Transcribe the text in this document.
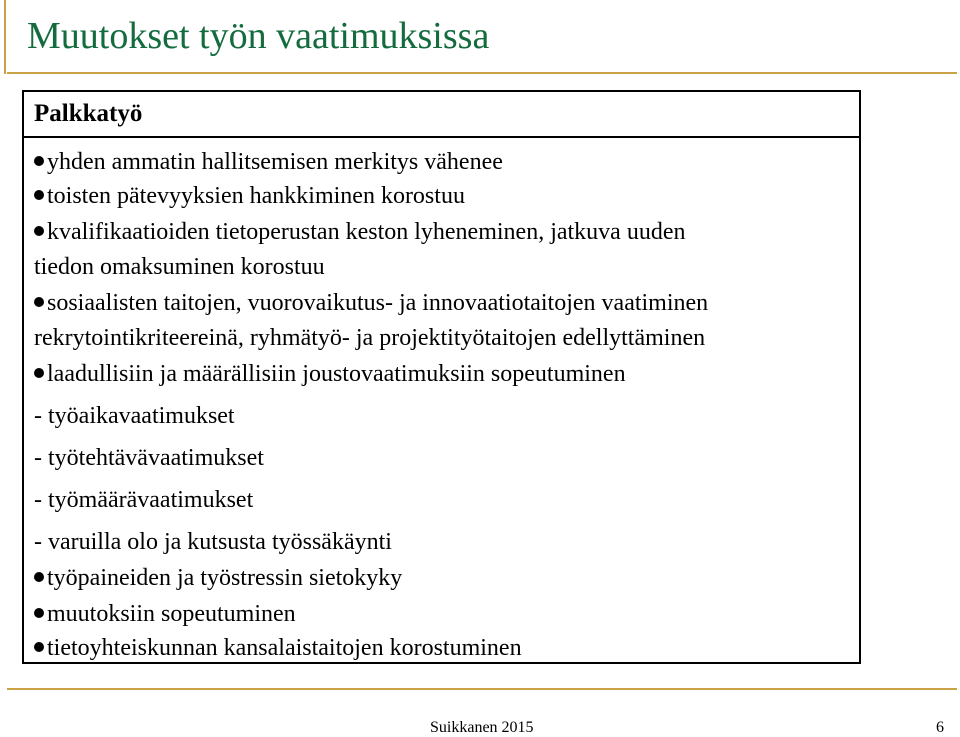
Muutokset työn vaatimuksissa
Palkkatyö
yhden ammatin hallitsemisen merkitys vähenee
toisten pätevyyksien hankkiminen korostuu
kvalifikaatioiden tietoperustan keston lyheneminen, jatkuva uuden
tiedon omaksuminen korostuu
sosiaalisten taitojen, vuorovaikutus- ja innovaatiotaitojen vaatiminen
rekrytointikriteereinä, ryhmätyö- ja projektityötaitojen edellyttäminen
laadullisiin ja määrällisiin joustovaatimuksiin sopeutuminen
- työaikavaatimukset
- työtehtävävaatimukset
- työmäärävaatimukset
- varuilla olo ja kutsusta työssäkäynti
työpaineiden ja työstressin sietokyky
muutoksiin sopeutuminen
tietoyhteiskunnan kansalaistaitojen korostuminen
Suikkanen 2015	6
